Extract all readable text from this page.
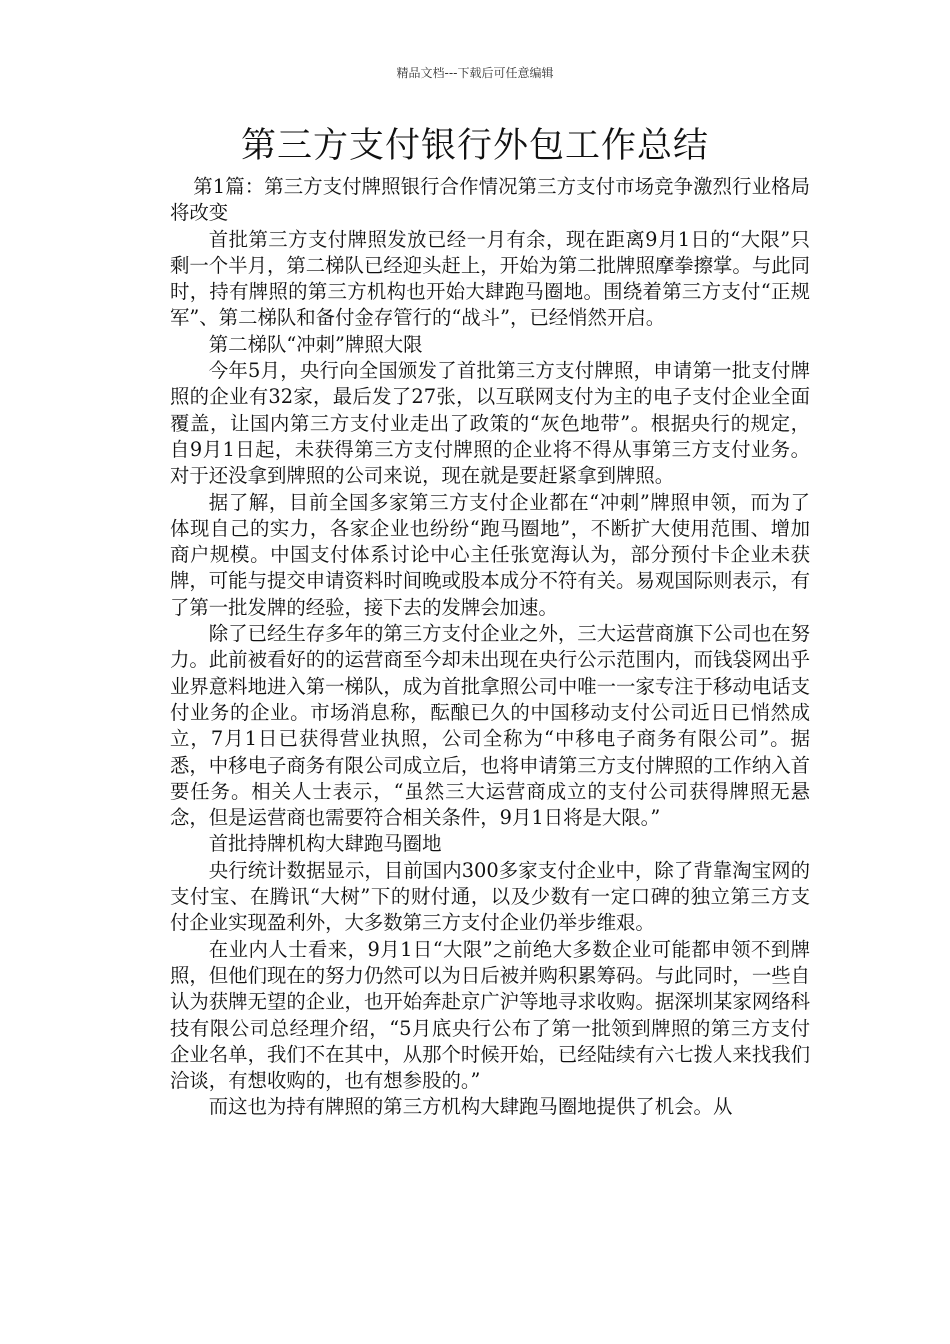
精品文档---下载后可任意编辑
第三方支付银行外包工作总结

第1篇：第三方支付牌照银行合作情况第三方支付市场竞争激烈行业格局将改变

首批第三方支付牌照发放已经一月有余，现在距离9月1日的“大限”只剩一个半月，第二梯队已经迎头赶上，开始为第二批牌照摩拳擦掌。与此同时，持有牌照的第三方机构也开始大肆跑马圈地。围绕着第三方支付“正规军”、第二梯队和备付金存管行的“战斗”，已经悄然开启。

第二梯队“冲刺”牌照大限

今年5月，央行向全国颁发了首批第三方支付牌照，申请第一批支付牌照的企业有32家，最后发了27张，以互联网支付为主的电子支付企业全面覆盖，让国内第三方支付业走出了政策的“灰色地带”。根据央行的规定，自9月1日起，未获得第三方支付牌照的企业将不得从事第三方支付业务。对于还没拿到牌照的公司来说，现在就是要赶紧拿到牌照。

据了解，目前全国多家第三方支付企业都在“冲刺”牌照申领，而为了体现自己的实力，各家企业也纷纷“跑马圈地”，不断扩大使用范围、增加商户规模。中国支付体系讨论中心主任张宽海认为，部分预付卡企业未获牌，可能与提交申请资料时间晚或股本成分不符有关。易观国际则表示，有了第一批发牌的经验，接下去的发牌会加速。

除了已经生存多年的第三方支付企业之外，三大运营商旗下公司也在努力。此前被看好的的运营商至今却未出现在央行公示范围内，而钱袋网出乎业界意料地进入第一梯队，成为首批拿照公司中唯一一家专注于移动电话支付业务的企业。市场消息称，酝酿已久的中国移动支付公司近日已悄然成立，7月1日已获得营业执照，公司全称为“中移电子商务有限公司”。据悉，中移电子商务有限公司成立后，也将申请第三方支付牌照的工作纳入首要任务。相关人士表示，“虽然三大运营商成立的支付公司获得牌照无悬念，但是运营商也需要符合相关条件，9月1日将是大限。”

首批持牌机构大肆跑马圈地

央行统计数据显示，目前国内300多家支付企业中，除了背靠淘宝网的支付宝、在腾讯“大树”下的财付通，以及少数有一定口碑的独立第三方支付企业实现盈利外，大多数第三方支付企业仍举步维艰。

在业内人士看来，9月1日“大限”之前绝大多数企业可能都申领不到牌照，但他们现在的努力仍然可以为日后被并购积累筹码。与此同时，一些自认为获牌无望的企业，也开始奔赴京广沪等地寻求收购。据深圳某家网络科技有限公司总经理介绍，“5月底央行公布了第一批领到牌照的第三方支付企业名单，我们不在其中，从那个时候开始，已经陆续有六七拨人来找我们洽谈，有想收购的，也有想参股的。”

而这也为持有牌照的第三方机构大肆跑马圈地提供了机会。从
